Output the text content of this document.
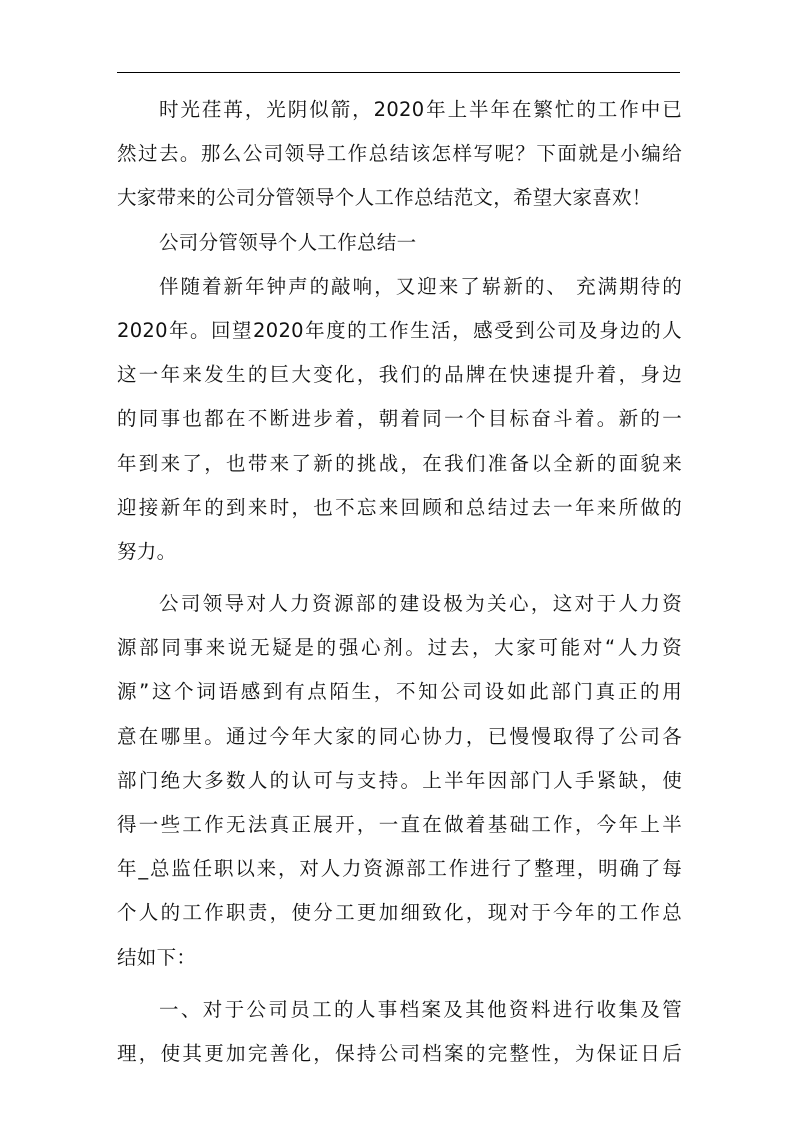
时光荏苒，光阴似箭，2020年上半年在繁忙的工作中已
然过去。那么公司领导工作总结该怎样写呢？下面就是小编给
大家带来的公司分管领导个人工作总结范文，希望大家喜欢！
公司分管领导个人工作总结一
伴随着新年钟声的敲响，又迎来了崭新的、 充满期待的
2020年。回望2020年度的工作生活，感受到公司及身边的人
这一年来发生的巨大变化，我们的品牌在快速提升着，身边
的同事也都在不断进步着，朝着同一个目标奋斗着。新的一
年到来了，也带来了新的挑战，在我们准备以全新的面貌来
迎接新年的到来时，也不忘来回顾和总结过去一年来所做的
努力。
公司领导对人力资源部的建设极为关心，这对于人力资
源部同事来说无疑是的强心剂。过去，大家可能对“人力资
源”这个词语感到有点陌生，不知公司设如此部门真正的用
意在哪里。通过今年大家的同心协力，已慢慢取得了公司各
部门绝大多数人的认可与支持。上半年因部门人手紧缺，使
得一些工作无法真正展开，一直在做着基础工作，今年上半
年_总监任职以来，对人力资源部工作进行了整理，明确了每
个人的工作职责，使分工更加细致化，现对于今年的工作总
结如下：
一、对于公司员工的人事档案及其他资料进行收集及管
理，使其更加完善化，保持公司档案的完整性，为保证日后
